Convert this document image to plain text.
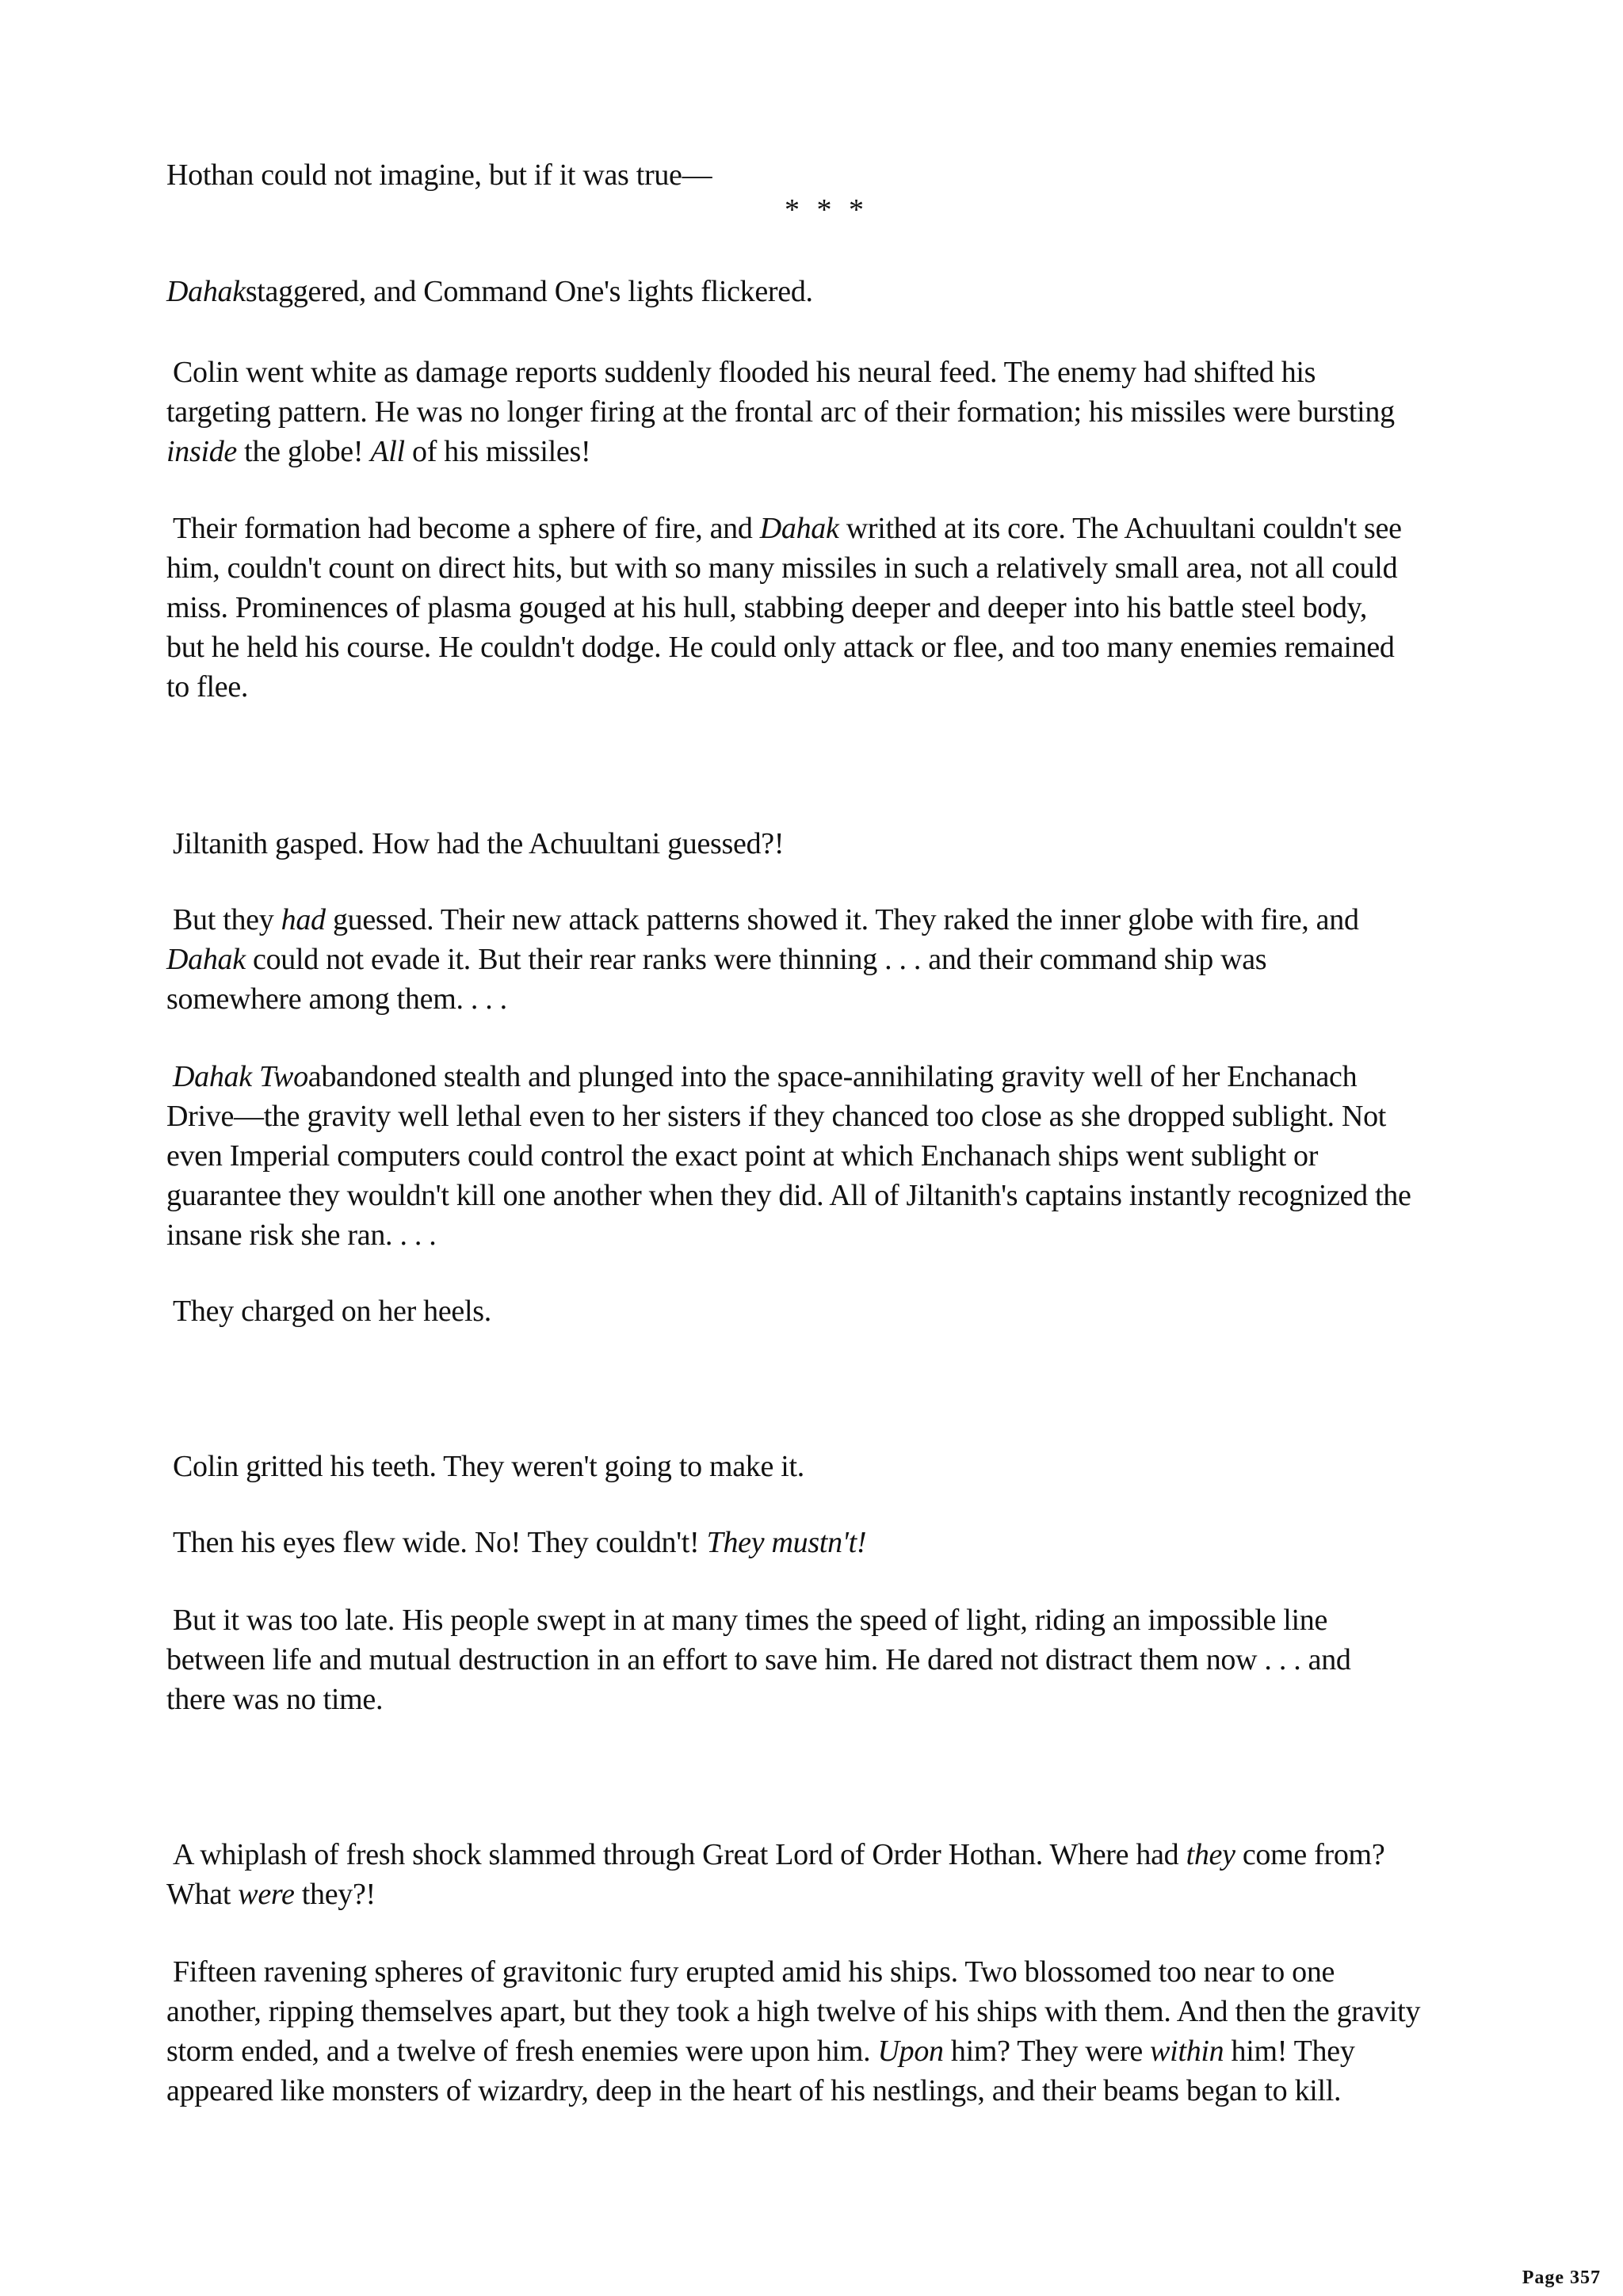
Hothan could not imagine, but if it was true—

Dahakstaggered, and Command One's lights flickered.

Colin went white as damage reports suddenly flooded his neural feed. The enemy had shifted his

targeting pattern. He was no longer firing at the frontal arc of their formation; his missiles were bursting

inside the globe! All of his missiles!

Their formation had become a sphere of fire, and Dahak writhed at its core. The Achuultani couldn't see

him, couldn't count on direct hits, but with so many missiles in such a relatively small area, not all could

miss. Prominences of plasma gouged at his hull, stabbing deeper and deeper into his battle steel body,

but he held his course. He couldn't dodge. He could only attack or flee, and too many enemies remained

to flee.

Jiltanith gasped. How had the Achuultani guessed?!

But they had guessed. Their new attack patterns showed it. They raked the inner globe with fire, and

Dahak could not evade it. But their rear ranks were thinning . . . and their command ship was

somewhere among them. . . .

Dahak Twoabandoned stealth and plunged into the space-annihilating gravity well of her Enchanach

Drive—the gravity well lethal even to her sisters if they chanced too close as she dropped sublight. Not

even Imperial computers could control the exact point at which Enchanach ships went sublight or

guarantee they wouldn't kill one another when they did. All of Jiltanith's captains instantly recognized the

insane risk she ran. . . .

They charged on her heels.

Colin gritted his teeth. They weren't going to make it.

Then his eyes flew wide. No! They couldn't! They mustn't!

But it was too late. His people swept in at many times the speed of light, riding an impossible line

between life and mutual destruction in an effort to save him. He dared not distract them now . . . and

there was no time.

A whiplash of fresh shock slammed through Great Lord of Order Hothan. Where had they come from?

What were they?!

Fifteen ravening spheres of gravitonic fury erupted amid his ships. Two blossomed too near to one

another, ripping themselves apart, but they took a high twelve of his ships with them. And then the gravity

storm ended, and a twelve of fresh enemies were upon him. Upon him? They were within him! They

appeared like monsters of wizardry, deep in the heart of his nestlings, and their beams began to kill.

* * *
Page 357
